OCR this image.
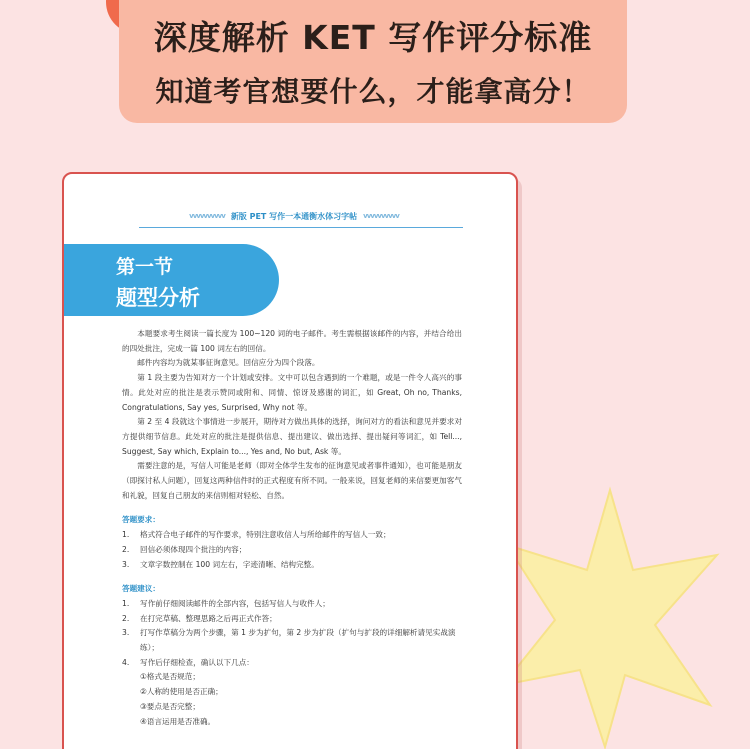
深度解析 KET 写作评分标准
知道考官想要什么，才能拿高分！
vvvvvvvvvv 新版 PET 写作一本通衡水体习字帖 vvvvvvvvvv
第一节
题型分析

本题要求考生阅读一篇长度为 100~120 词的电子邮件。考生需根据该邮件的内容，并结合给出的四处批注，完成一篇 100 词左右的回信。

邮件内容均为就某事征询意见。回信应分为四个段落。

第 1 段主要为告知对方一个计划或安排。文中可以包含遇到的一个难题，或是一件令人高兴的事情。此处对应的批注是表示赞同或附和、同情、惊讶及感谢的词汇，如 Great, Oh no, Thanks, Congratulations, Say yes, Surprised, Why not 等。

第 2 至 4 段就这个事情进一步展开，期待对方做出具体的选择，询问对方的看法和意见并要求对方提供细节信息。此处对应的批注是提供信息、提出建议、做出选择、提出疑问等词汇，如 Tell..., Suggest, Say which, Explain to..., Yes and, No but, Ask 等。

需要注意的是，写信人可能是老师（即对全体学生发布的征询意见或者事件通知），也可能是朋友（即探讨私人问题），回复这两种信件时的正式程度有所不同。一般来说，回复老师的来信要更加客气和礼貌，回复自己朋友的来信则相对轻松、自然。

答题要求：
1.	格式符合电子邮件的写作要求，特别注意收信人与所给邮件的写信人一致；
2.	回信必须体现四个批注的内容；
3.	文章字数控制在 100 词左右，字迹清晰、结构完整。
答题建议：
1.	写作前仔细阅读邮件的全部内容，包括写信人与收件人；
2.	在打完草稿、整理思路之后再正式作答；
3.	打写作草稿分为两个步骤，第 1 步为扩句，第 2 步为扩段（扩句与扩段的详细解析请见实战演练）；
4.	写作后仔细检查，确认以下几点：
①格式是否规范；
②人称的使用是否正确；
③要点是否完整；
④语言运用是否准确。
